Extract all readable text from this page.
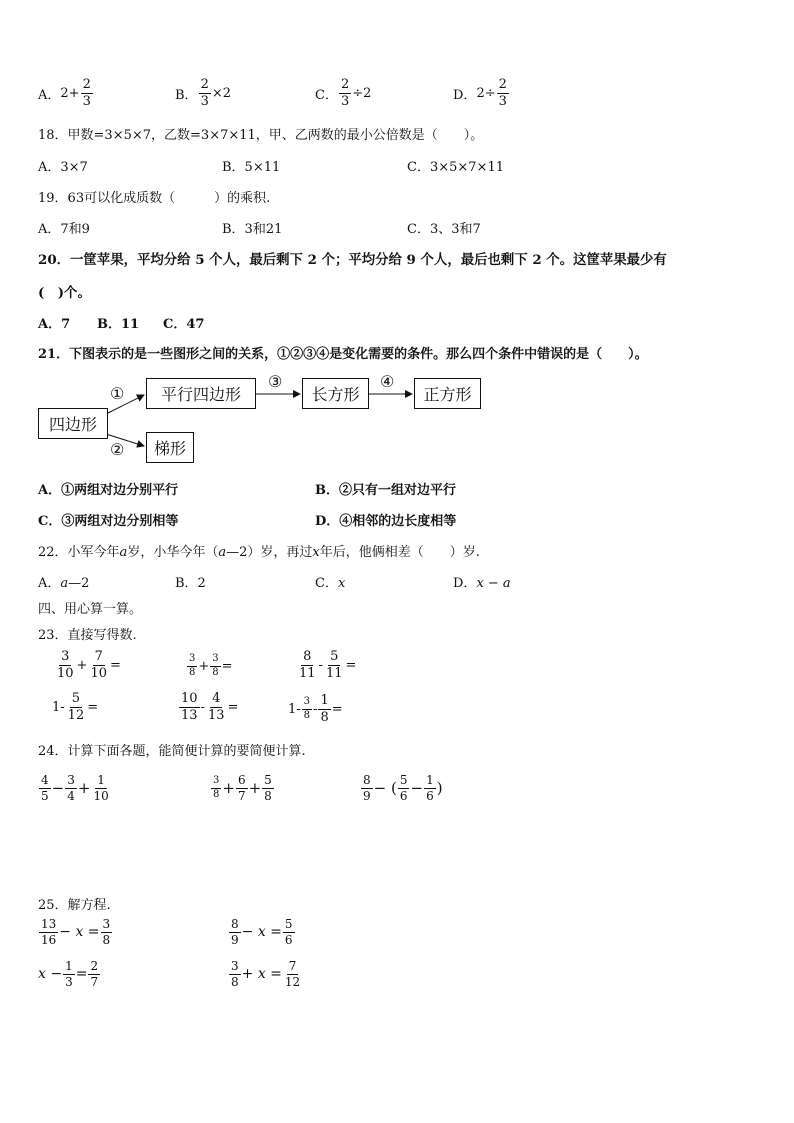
A． $2+ \frac{2}{3}$	B． $\frac{2}{3} \times 2$	C． $\frac{2}{3} \div 2$	D． $2\div \frac{2}{3}$
18．甲数=3×5×7，乙数=3×7×11，甲、乙两数的最小公倍数是（　　）。
A．3×7	B．5×11	C．3×5×7×11
19．63可以化成质数（　　　）的乘积.
A．7和9	B．3和21	C．3、3和7
20．一筐苹果，平均分给 5 个人，最后剩下 2 个；平均分给 9 个人，最后也剩下 2 个。这筐苹果最少有
(　)个。
A．7 B．11 C．47
21．下图表示的是一些图形之间的关系，①②③④是变化需要的条件。那么四个条件中错误的是（　　）。
四边形
平行四边形	长方形	正方形
梯形
①
②
③	④
A．①两组对边分别平行	B．②只有一组对边平行
C．③两组对边分别相等	D．④相邻的边长度相等
22．小军今年a岁，小华今年（a—2）岁，再过x年后，他俩相差（　　）岁.
A．a—2	B．2	C．x	D．x − a
四、用心算一算。
23．直接写得数.
$\frac{3}{10} + \frac{7}{10}$ =	$\frac{3}{8} + \frac{3}{8}$ =	$\frac{8}{11} - \frac{5}{11}$ =
$1- \frac{5}{12}$ =	$\frac{10}{13} - \frac{4}{13}$ =	$1- \frac{3}{8} - \frac{1}{8}$ =
24．计算下面各题，能简便计算的要简便计算.
$\frac{4}{5} - \frac{3}{4} + \frac{1}{10}$	$\frac{3}{8} + \frac{6}{7} + \frac{5}{8}$	$\frac{8}{9}$ − ( $\frac{5}{6} - \frac{1}{6}$ )
25．解方程.
$\frac{13}{16} - x = \frac{3}{8}$	$\frac{8}{9} - x = \frac{5}{6}$
$x - \frac{1}{3} = \frac{2}{7}$	$\frac{3}{8} + x = \frac{7}{12}$
